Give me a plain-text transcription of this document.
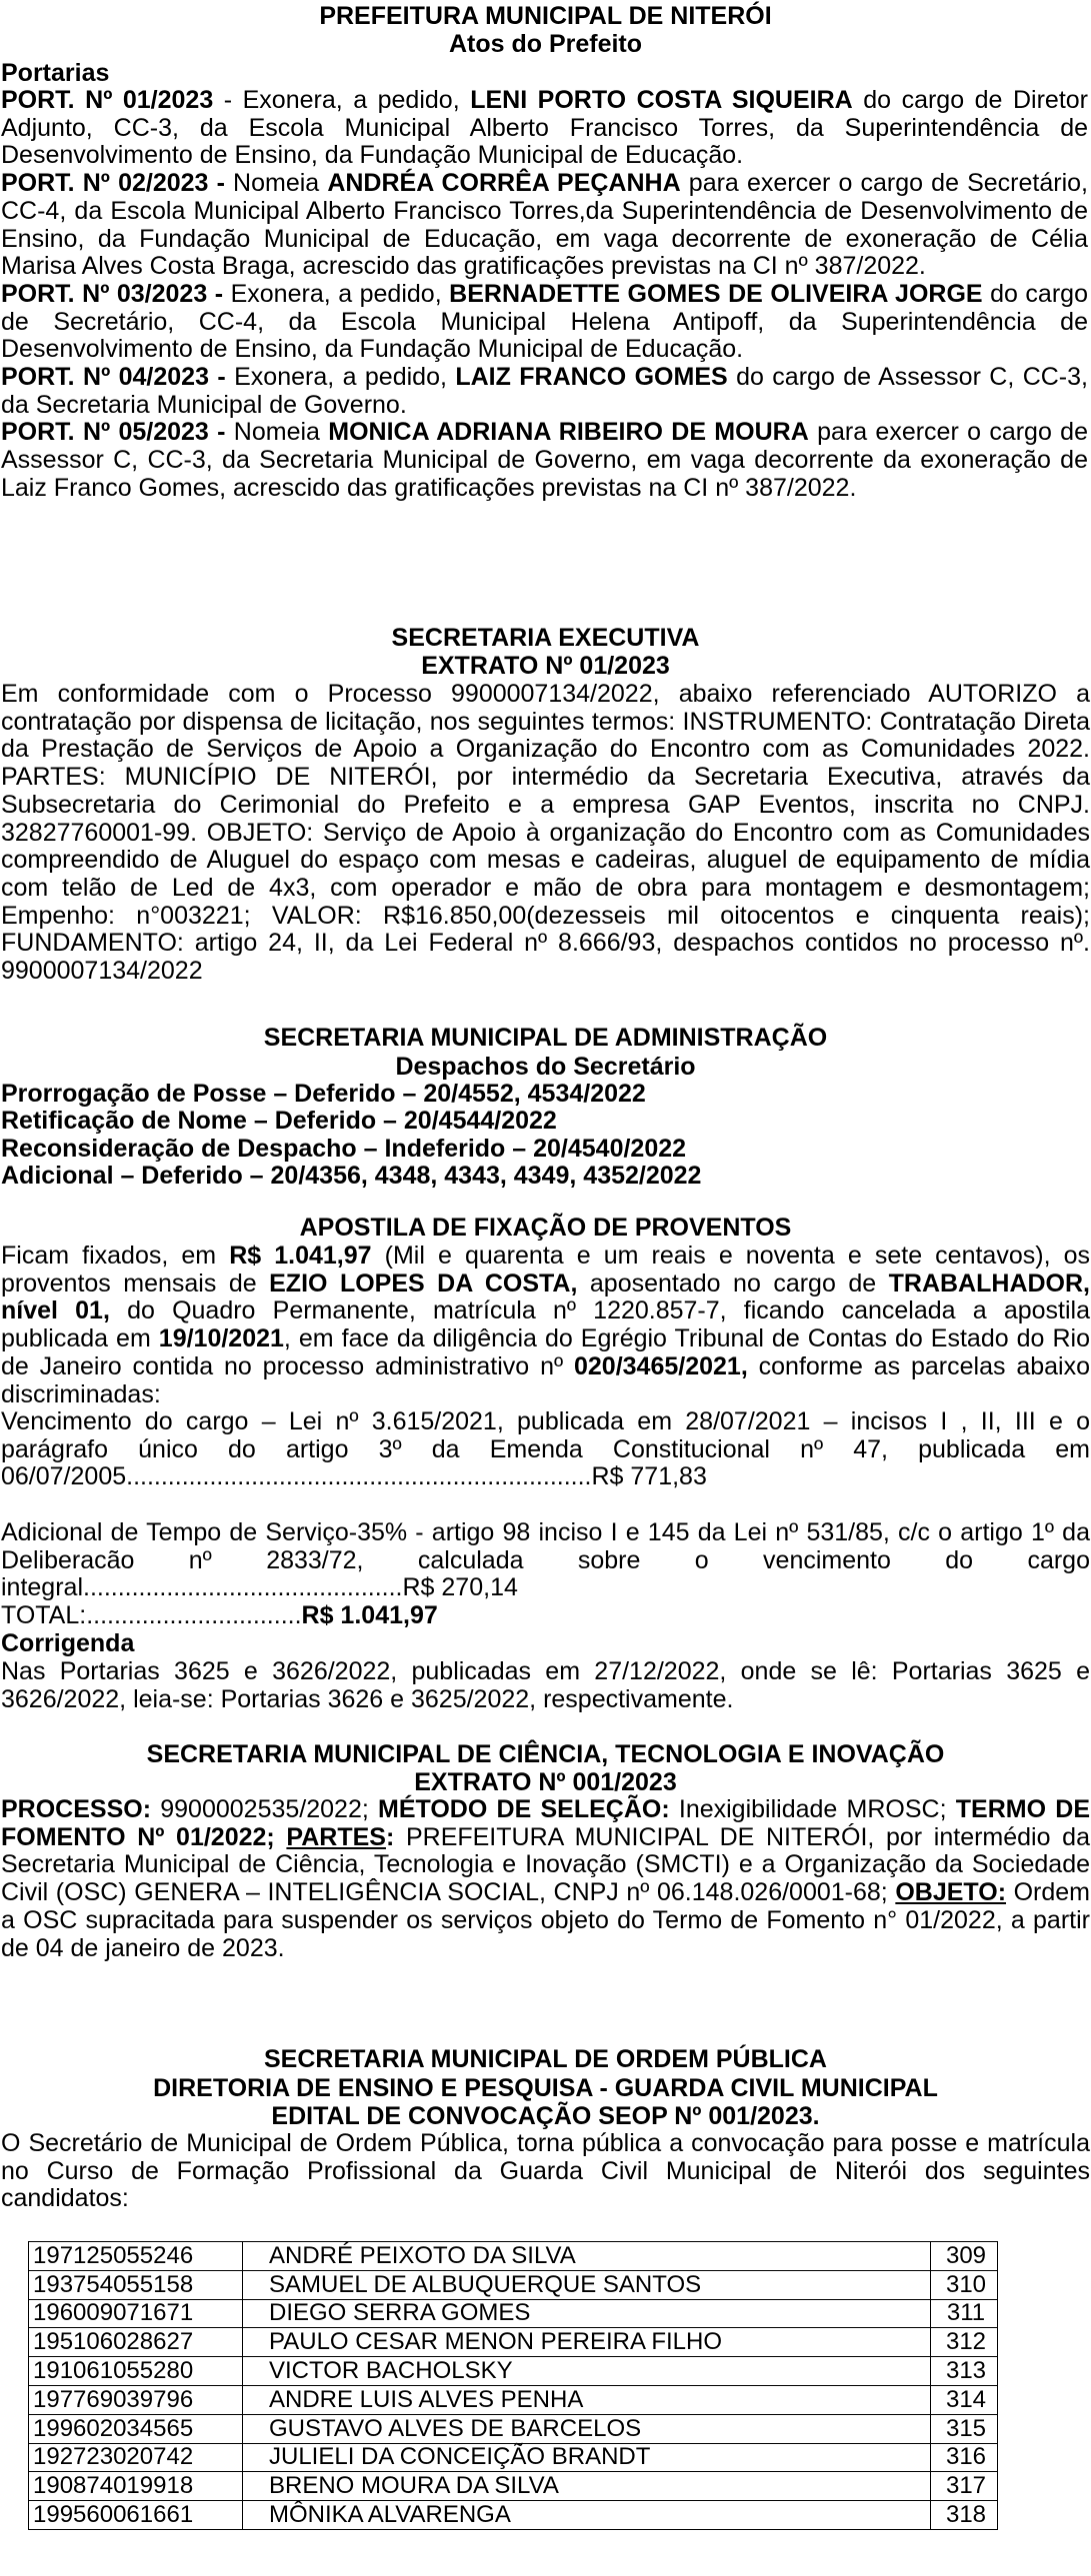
PREFEITURA MUNICIPAL DE NITERÓI
Atos do Prefeito
Portarias

PORT. Nº 01/2023 - Exonera, a pedido, LENI PORTO COSTA SIQUEIRA do cargo de Diretor Adjunto, CC-3, da Escola Municipal Alberto Francisco Torres, da Superintendência de Desenvolvimento de Ensino, da Fundação Municipal de Educação.

PORT. Nº 02/2023 - Nomeia ANDRÉA CORRÊA PEÇANHA para exercer o cargo de Secretário, CC-4, da Escola Municipal Alberto Francisco Torres,da Superintendência de Desenvolvimento de Ensino, da Fundação Municipal de Educação, em vaga decorrente de exoneração de Célia Marisa Alves Costa Braga, acrescido das gratificações previstas na CI nº 387/2022.

PORT. Nº 03/2023 - Exonera, a pedido, BERNADETTE GOMES DE OLIVEIRA JORGE do cargo de Secretário, CC-4, da Escola Municipal Helena Antipoff, da Superintendência de Desenvolvimento de Ensino, da Fundação Municipal de Educação.

PORT. Nº 04/2023 - Exonera, a pedido, LAIZ FRANCO GOMES do cargo de Assessor C, CC-3, da Secretaria Municipal de Governo.

PORT. Nº 05/2023 - Nomeia MONICA ADRIANA RIBEIRO DE MOURA para exercer o cargo de Assessor C, CC-3, da Secretaria Municipal de Governo, em vaga decorrente da exoneração de Laiz Franco Gomes, acrescido das gratificações previstas na CI nº 387/2022.

SECRETARIA EXECUTIVA
EXTRATO Nº 01/2023

Em conformidade com o Processo 9900007134/2022, abaixo referenciado AUTORIZO a contratação por dispensa de licitação, nos seguintes termos: INSTRUMENTO: Contratação Direta da Prestação de Serviços de Apoio a Organização do Encontro com as Comunidades 2022. PARTES: MUNICÍPIO DE NITERÓI, por intermédio da Secretaria Executiva, através da Subsecretaria do Cerimonial do Prefeito e a empresa GAP Eventos, inscrita no CNPJ. 32827760001-99. OBJETO: Serviço de Apoio à organização do Encontro com as Comunidades compreendido de Aluguel do espaço com mesas e cadeiras, aluguel de equipamento de mídia com telão de Led de 4x3, com operador e mão de obra para montagem e desmontagem; Empenho: n°003221; VALOR: R$16.850,00(dezesseis mil oitocentos e cinquenta reais); FUNDAMENTO: artigo 24, II, da Lei Federal nº 8.666/93, despachos contidos no processo nº. 9900007134/2022

SECRETARIA MUNICIPAL DE ADMINISTRAÇÃO
Despachos do Secretário
Prorrogação de Posse – Deferido – 20/4552, 4534/2022
Retificação de Nome – Deferido – 20/4544/2022
Reconsideração de Despacho – Indeferido – 20/4540/2022
Adicional – Deferido – 20/4356, 4348, 4343, 4349, 4352/2022
APOSTILA DE FIXAÇÃO DE PROVENTOS

Ficam fixados, em R$ 1.041,97 (Mil e quarenta e um reais e noventa e sete centavos), os proventos mensais de EZIO LOPES DA COSTA, aposentado no cargo de TRABALHADOR, nível 01, do Quadro Permanente, matrícula nº 1220.857-7, ficando cancelada a apostila publicada em 19/10/2021, em face da diligência do Egrégio Tribunal de Contas do Estado do Rio de Janeiro contida no processo administrativo nº 020/3465/2021, conforme as parcelas abaixo discriminadas:

Vencimento do cargo – Lei nº 3.615/2021, publicada em 28/07/2021 – incisos I , II, III e o parágrafo único do artigo 3º da Emenda Constitucional nº 47, publicada em 06/07/2005...................................................................R$ 771,83

Adicional de Tempo de Serviço-35% - artigo 98 inciso I e 145 da Lei nº 531/85, c/c o artigo 1º da Deliberacão nº 2833/72, calculada sobre o vencimento do cargo integral..............................................R$ 270,14

TOTAL:...............................R$ 1.041,97

Corrigenda

Nas Portarias 3625 e 3626/2022, publicadas em 27/12/2022, onde se lê: Portarias 3625 e 3626/2022, leia-se: Portarias 3626 e 3625/2022, respectivamente.

SECRETARIA MUNICIPAL DE CIÊNCIA, TECNOLOGIA E INOVAÇÃO
EXTRATO Nº 001/2023

PROCESSO: 9900002535/2022; MÉTODO DE SELEÇÃO: Inexigibilidade MROSC; TERMO DE FOMENTO Nº 01/2022; PARTES: PREFEITURA MUNICIPAL DE NITERÓI, por intermédio da Secretaria Municipal de Ciência, Tecnologia e Inovação (SMCTI) e a Organização da Sociedade Civil (OSC) GENERA – INTELIGÊNCIA SOCIAL, CNPJ nº 06.148.026/0001-68; OBJETO: Ordem a OSC supracitada para suspender os serviços objeto do Termo de Fomento n° 01/2022, a partir de 04 de janeiro de 2023.

SECRETARIA MUNICIPAL DE ORDEM PÚBLICA
DIRETORIA DE ENSINO E PESQUISA - GUARDA CIVIL MUNICIPAL
EDITAL DE CONVOCAÇÃO SEOP Nº 001/2023.

O Secretário de Municipal de Ordem Pública, torna pública a convocação para posse e matrícula no Curso de Formação Profissional da Guarda Civil Municipal de Niterói dos seguintes candidatos:

197125055246	ANDRÉ PEIXOTO DA SILVA	309
193754055158	SAMUEL DE ALBUQUERQUE SANTOS	310
196009071671	DIEGO SERRA GOMES	311
195106028627	PAULO CESAR MENON PEREIRA FILHO	312
191061055280	VICTOR BACHOLSKY	313
197769039796	ANDRE LUIS ALVES PENHA	314
199602034565	GUSTAVO ALVES DE BARCELOS	315
192723020742	JULIELI DA CONCEIÇÃO BRANDT	316
190874019918	BRENO MOURA DA SILVA	317
199560061661	MÔNIKA ALVARENGA	318
